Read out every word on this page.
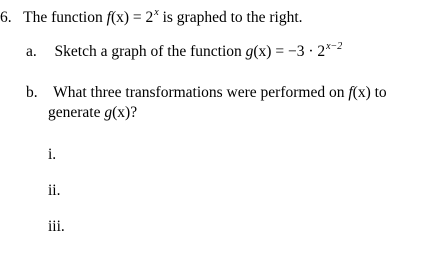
6. The function $f(x) = 2^x$ is graphed to the right.
a. Sketch a graph of the function $g(x) = -3 \cdot 2^{x-2}$
b. What three transformations were performed on f(x) to
generate g(x)?
i.
ii.
iii.
